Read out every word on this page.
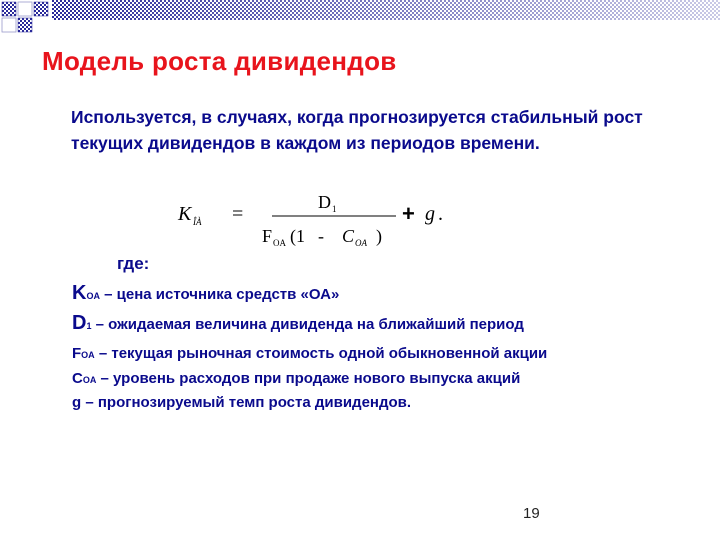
Модель роста дивидендов
Используется, в случаях, когда прогнозируется стабильный рост текущих дивидендов в каждом из периодов времени.
K ÎÀ =
D 1
F OA (1 - C OA )
+ g .
где:
KOA – цена источника средств «ОА»
D1 – ожидаемая величина дивиденда на ближайший период
FOA – текущая рыночная стоимость одной обыкновенной акции
COA – уровень расходов при продаже нового выпуска акций
g – прогнозируемый темп роста дивидендов.
19
